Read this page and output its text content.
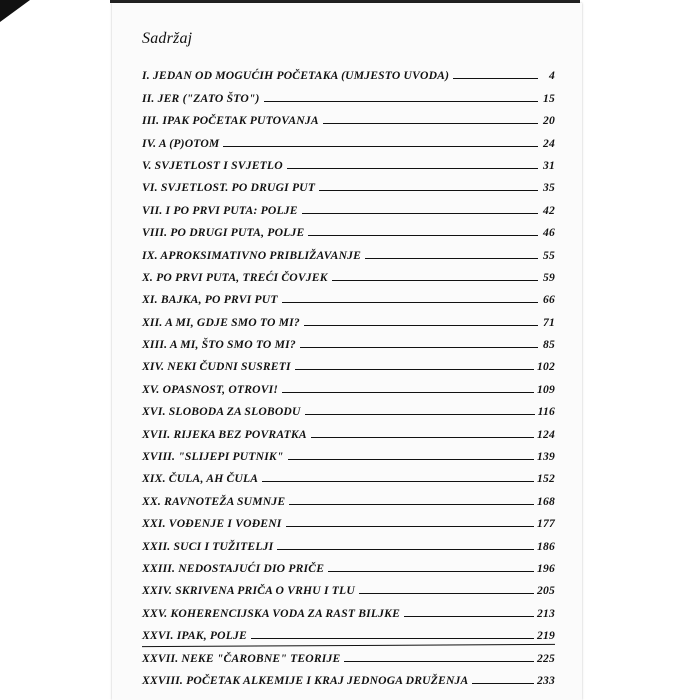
Sadržaj
I. JEDAN OD MOGUĆIH POČETAKA (UMJESTO UVODA)	4
II. JER ("ZATO ŠTO")	15
III. IPAK POČETAK PUTOVANJA	20
IV. A (P)OTOM	24
V. SVJETLOST I SVJETLO	31
VI. SVJETLOST. PO DRUGI PUT	35
VII. I PO PRVI PUTA: POLJE	42
VIII. PO DRUGI PUTA, POLJE	46
IX. APROKSIMATIVNO PRIBLIŽAVANJE	55
X. PO PRVI PUTA, TREĆI ČOVJEK	59
XI. BAJKA, PO PRVI PUT	66
XII. A MI, GDJE SMO TO MI?	71
XIII. A MI, ŠTO SMO TO MI?	85
XIV. NEKI ČUDNI SUSRETI	102
XV. OPASNOST, OTROVI!	109
XVI. SLOBODA ZA SLOBODU	116
XVII. RIJEKA BEZ POVRATKA	124
XVIII. "SLIJEPI PUTNIK"	139
XIX. ČULA, AH ČULA	152
XX. RAVNOTEŽA SUMNJE	168
XXI. VOĐENJE I VOĐENI	177
XXII. SUCI I TUŽITELJI	186
XXIII. NEDOSTAJUĆI DIO PRIČE	196
XXIV. SKRIVENA PRIČA O VRHU I TLU	205
XXV. KOHERENCIJSKA VODA ZA RAST BILJKE	213
XXVI. IPAK, POLJE	219
XXVII. NEKE "ČAROBNE" TEORIJE	225
XXVIII. POČETAK ALKEMIJE I KRAJ JEDNOGA DRUŽENJA	233
